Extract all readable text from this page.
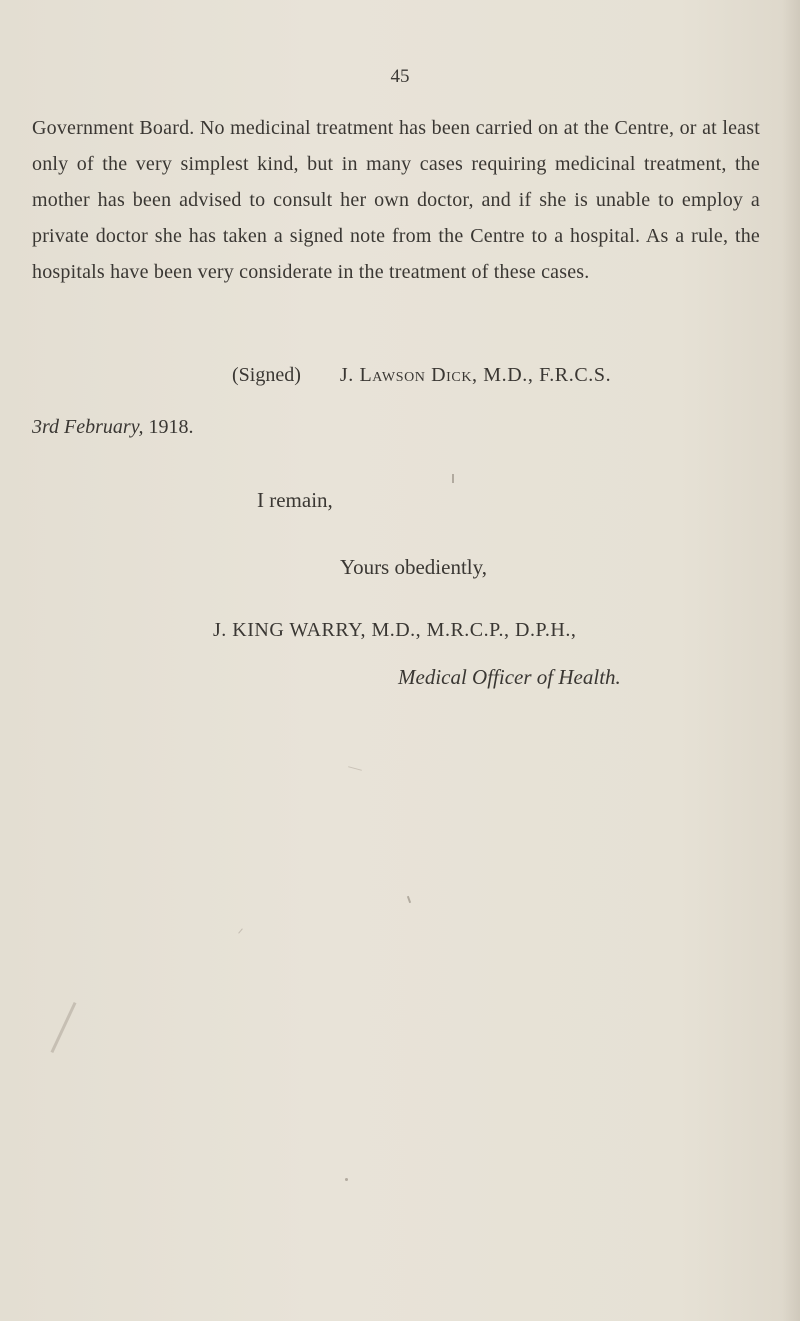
45

Government Board. No medicinal treatment has been carried on at the Centre, or at least only of the very simplest kind, but in many cases requiring medicinal treatment, the mother has been advised to consult her own doctor, and if she is unable to employ a private doctor she has taken a signed note from the Centre to a hospital. As a rule, the hospitals have been very considerate in the treatment of these cases.

(Signed) J. Lawson Dick, M.D., F.R.C.S.
3rd February, 1918.
I remain,
Yours obediently,
J. KING WARRY, M.D., M.R.C.P., D.P.H.,
Medical Officer of Health.
